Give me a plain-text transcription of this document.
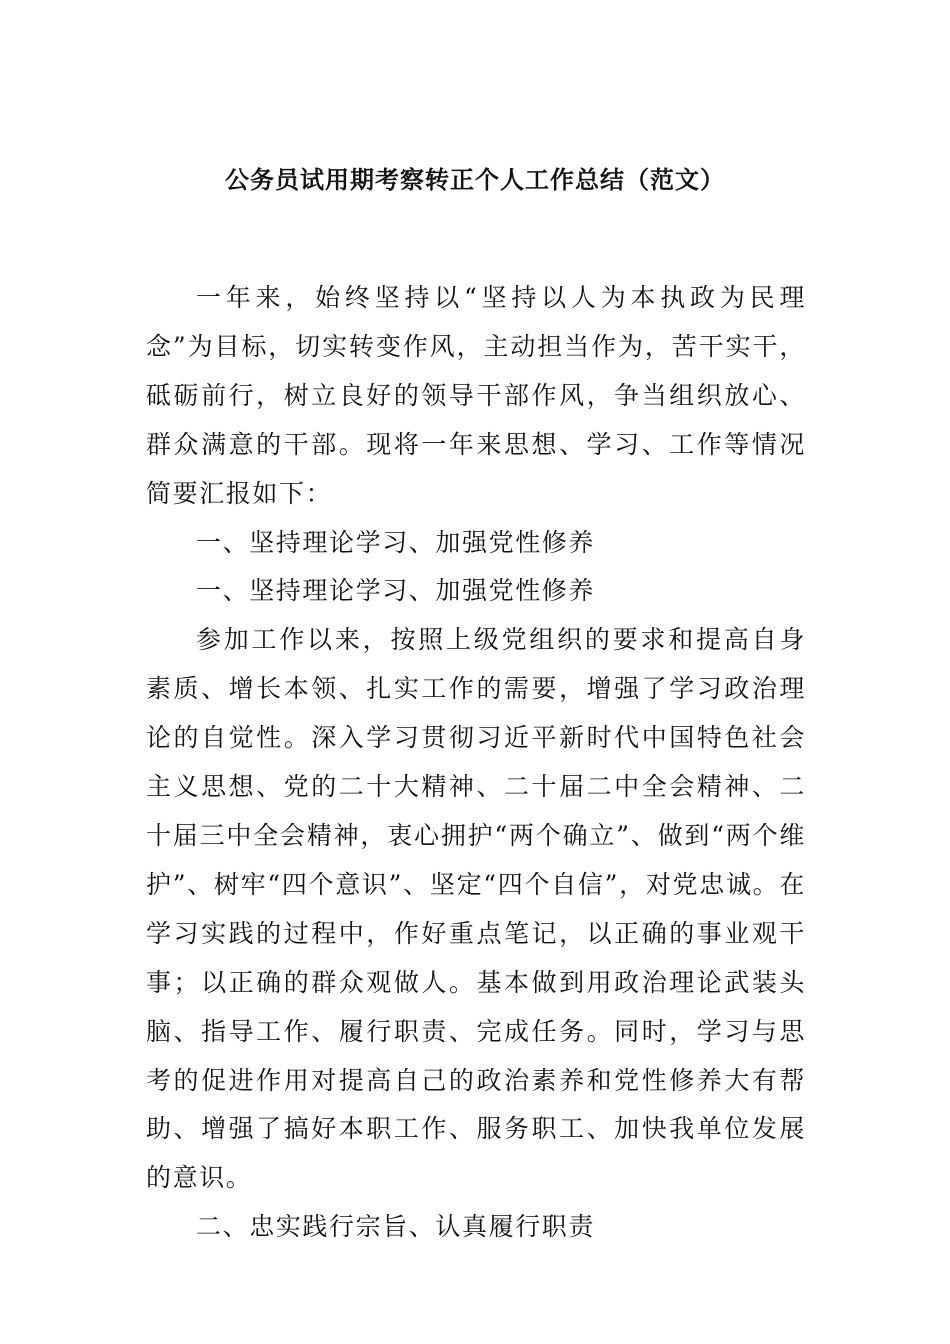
公务员试用期考察转正个人工作总结（范文）

一年来，始终坚持以“坚持以人为本执政为民理念”为目标，切实转变作风，主动担当作为，苦干实干，砥砺前行，树立良好的领导干部作风，争当组织放心、群众满意的干部。现将一年来思想、学习、工作等情况简要汇报如下：

一、坚持理论学习、加强党性修养

一、坚持理论学习、加强党性修养

参加工作以来，按照上级党组织的要求和提高自身素质、增长本领、扎实工作的需要，增强了学习政治理论的自觉性。深入学习贯彻习近平新时代中国特色社会主义思想、党的二十大精神、二十届二中全会精神、二十届三中全会精神，衷心拥护“两个确立”、做到“两个维护”、树牢“四个意识”、坚定“四个自信”，对党忠诚。在学习实践的过程中，作好重点笔记，以正确的事业观干事；以正确的群众观做人。基本做到用政治理论武装头脑、指导工作、履行职责、完成任务。同时，学习与思考的促进作用对提高自己的政治素养和党性修养大有帮助、增强了搞好本职工作、服务职工、加快我单位发展的意识。

二、忠实践行宗旨、认真履行职责
